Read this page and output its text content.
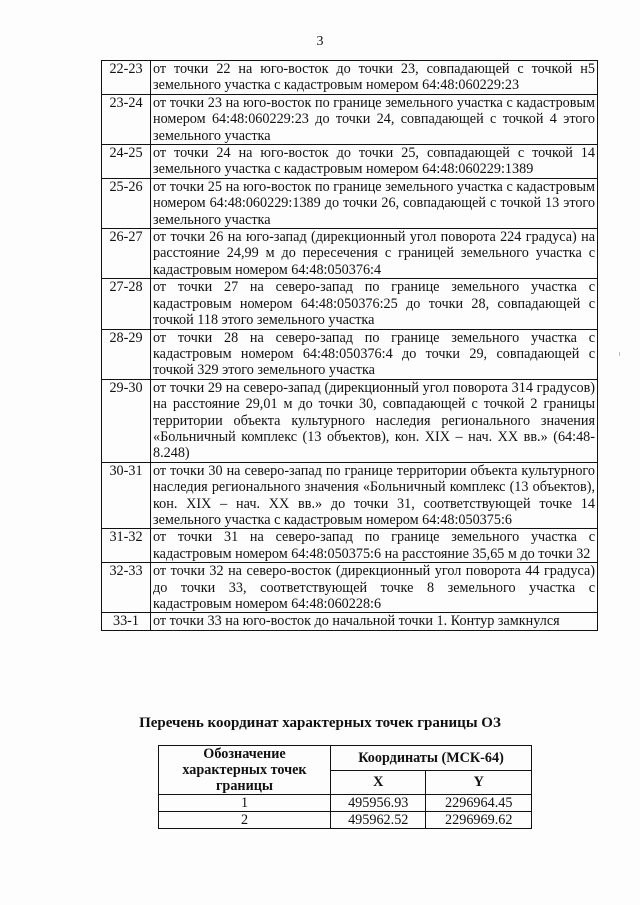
3
22-23	от точки 22 на юго-восток до точки 23, совпадающей с точкой н5 земельного участка с кадастровым номером 64:48:060229:23
23-24	от точки 23 на юго-восток по границе земельного участка с кадастровым номером 64:48:060229:23 до точки 24, совпадающей с точкой 4 этого земельного участка
24-25	от точки 24 на юго-восток до точки 25, совпадающей с точкой 14 земельного участка с кадастровым номером 64:48:060229:1389
25-26	от точки 25 на юго-восток по границе земельного участка с кадастровым номером 64:48:060229:1389 до точки 26, совпадающей с точкой 13 этого земельного участка
26-27	от точки 26 на юго-запад (дирекционный угол поворота 224 градуса) на расстояние 24,99 м до пересечения с границей земельного участка с кадастровым номером 64:48:050376:4
27-28	от точки 27 на северо-запад по границе земельного участка с кадастровым номером 64:48:050376:25 до точки 28, совпадающей с точкой 118 этого земельного участка
28-29	от точки 28 на северо-запад по границе земельного участка с кадастровым номером 64:48:050376:4 до точки 29, совпадающей с точкой 329 этого земельного участка
29-30	от точки 29 на северо-запад (дирекционный угол поворота 314 градусов) на расстояние 29,01 м до точки 30, совпадающей с точкой 2 границы территории объекта культурного наследия регионального значения «Больничный комплекс (13 объектов), кон. XIX – нач. XX вв.» (64:48-8.248)
30-31	от точки 30 на северо-запад по границе территории объекта культурного наследия регионального значения «Больничный комплекс (13 объектов), кон. XIX – нач. XX вв.» до точки 31, соответствующей точке 14 земельного участка с кадастровым номером 64:48:050375:6
31-32	от точки 31 на северо-запад по границе земельного участка с кадастровым номером 64:48:050375:6 на расстояние 35,65 м до точки 32
32-33	от точки 32 на северо-восток (дирекционный угол поворота 44 градуса) до точки 33, соответствующей точке 8 земельного участка с кадастровым номером 64:48:060228:6
33-1	от точки 33 на юго-восток до начальной точки 1. Контур замкнулся
Перечень координат характерных точек границы ОЗ
Обозначение характерных точек границы	Координаты (МСК-64)	
	X	Y
1	495956.93	2296964.45
2	495962.52	2296969.62
